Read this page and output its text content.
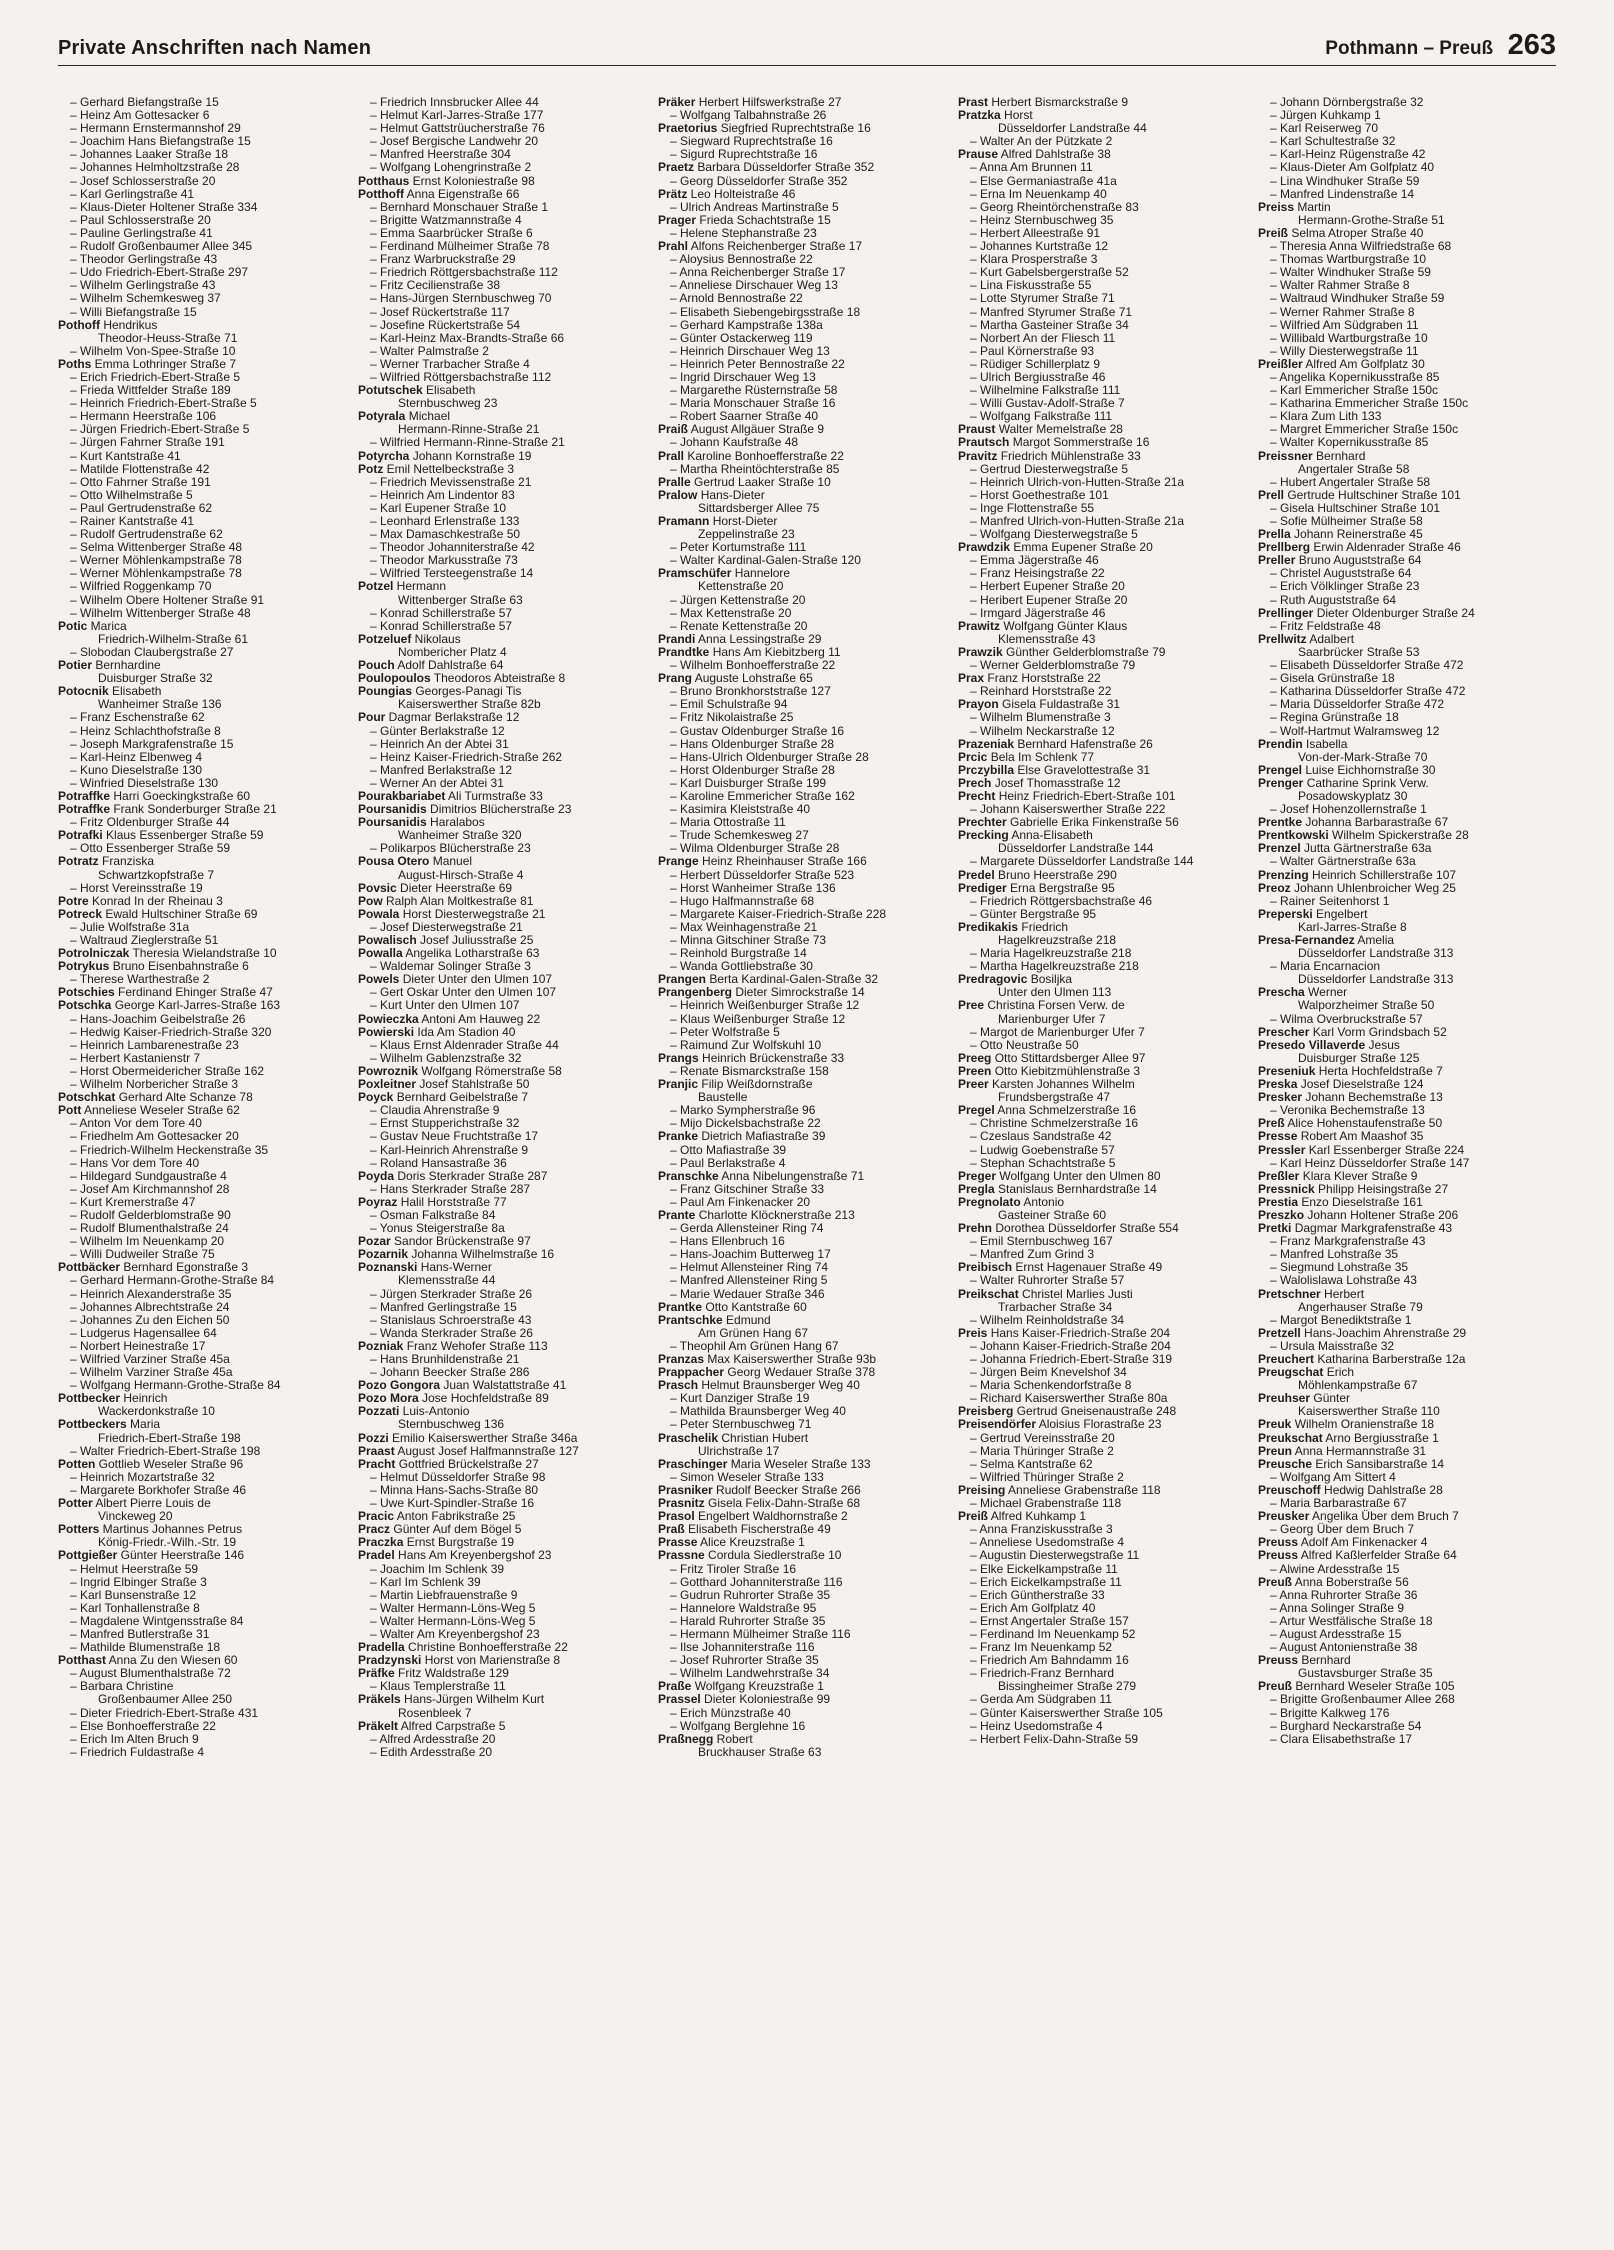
Private Anschriften nach Namen	Pothmann – Preuß 263
– Gerhard Biefangstraße 15
– Heinz Am Gottesacker 6
– Hermann Ernstermannshof 29
– Joachim Hans Biefangstraße 15
– Johannes Laaker Straße 18
– Johannes Helmholtzstraße 28
– Josef Schlosserstraße 20
– Karl Gerlingstraße 41
– Klaus-Dieter Holtener Straße 334
– Paul Schlosserstraße 20
– Pauline Gerlingstraße 41
– Rudolf Großenbaumer Allee 345
– Theodor Gerlingstraße 43
– Udo Friedrich-Ebert-Straße 297
– Wilhelm Gerlingstraße 43
– Wilhelm Schemkesweg 37
– Willi Biefangstraße 15
Pothoff Hendrikus
Theodor-Heuss-Straße 71
– Wilhelm Von-Spee-Straße 10
Poths Emma Lothringer Straße 7
– Erich Friedrich-Ebert-Straße 5
– Frieda Wittfelder Straße 189
– Heinrich Friedrich-Ebert-Straße 5
– Hermann Heerstraße 106
– Jürgen Friedrich-Ebert-Straße 5
– Jürgen Fahrner Straße 191
– Kurt Kantstraße 41
– Matilde Flottenstraße 42
– Otto Fahrner Straße 191
– Otto Wilhelmstraße 5
– Paul Gertrudenstraße 62
– Rainer Kantstraße 41
– Rudolf Gertrudenstraße 62
– Selma Wittenberger Straße 48
– Werner Möhlenkampstraße 78
– Werner Möhlenkampstraße 78
– Wilfried Roggenkamp 70
– Wilhelm Obere Holtener Straße 91
– Wilhelm Wittenberger Straße 48
Potic Marica
Friedrich-Wilhelm-Straße 61
– Slobodan Claubergstraße 27
Potier Bernhardine
Duisburger Straße 32
Potocnik Elisabeth
Wanheimer Straße 136
– Franz Eschenstraße 62
– Heinz Schlachthofstraße 8
– Joseph Markgrafenstraße 15
– Karl-Heinz Elbenweg 4
– Kuno Dieselstraße 130
– Winfried Dieselstraße 130
Potraffke Harri Goeckingkstraße 60
Potraffke Frank Sonderburger Straße 21
– Fritz Oldenburger Straße 44
Potrafki Klaus Essenberger Straße 59
– Otto Essenberger Straße 59
Potratz Franziska
Schwartzkopfstraße 7
– Horst Vereinsstraße 19
Potre Konrad In der Rheinau 3
Potreck Ewald Hultschiner Straße 69
– Julie Wolfstraße 31a
– Waltraud Zieglerstraße 51
Potrolniczak Theresia Wielandstraße 10
Potrykus Bruno Eisenbahnstraße 6
– Therese Warthestraße 2
Potschies Ferdinand Ehinger Straße 47
Potschka George Karl-Jarres-Straße 163
– Hans-Joachim Geibelstraße 26
– Hedwig Kaiser-Friedrich-Straße 320
– Heinrich Lambarenestraße 23
– Herbert Kastanienstr 7
– Horst Obermeidericher Straße 162
– Wilhelm Norbericher Straße 3
Potschkat Gerhard Alte Schanze 78
Pott Anneliese Weseler Straße 62
– Anton Vor dem Tore 40
– Friedhelm Am Gottesacker 20
– Friedrich-Wilhelm Heckenstraße 35
– Hans Vor dem Tore 40
– Hildegard Sundgaustraße 4
– Josef Am Kirchmannshof 28
– Kurt Kremerstraße 47
– Rudolf Gelderblomstraße 90
– Rudolf Blumenthalstraße 24
– Wilhelm Im Neuenkamp 20
– Willi Dudweiler Straße 75
Pottbäcker Bernhard Egonstraße 3
– Gerhard Hermann-Grothe-Straße 84
– Heinrich Alexanderstraße 35
– Johannes Albrechtstraße 24
– Johannes Zu den Eichen 50
– Ludgerus Hagensallee 64
– Norbert Heinestraße 17
– Wilfried Varziner Straße 45a
– Wilhelm Varziner Straße 45a
– Wolfgang Hermann-Grothe-Straße 84
Pottbecker Heinrich
Wackerdonkstraße 10
Pottbeckers Maria
Friedrich-Ebert-Straße 198
– Walter Friedrich-Ebert-Straße 198
Potten Gottlieb Weseler Straße 96
– Heinrich Mozartstraße 32
– Margarete Borkhofer Straße 46
Potter Albert Pierre Louis de
Vinckeweg 20
Potters Martinus Johannes Petrus
König-Friedr.-Wilh.-Str. 19
Pottgießer Günter Heerstraße 146
– Helmut Heerstraße 59
– Ingrid Elbinger Straße 3
– Karl Bunsenstraße 12
– Karl Tonhallenstraße 8
– Magdalene Wintgensstraße 84
– Manfred Butlerstraße 31
– Mathilde Blumenstraße 18
Potthast Anna Zu den Wiesen 60
– August Blumenthalstraße 72
– Barbara Christine
Großenbaumer Allee 250
– Dieter Friedrich-Ebert-Straße 431
– Else Bonhoefferstraße 22
– Erich Im Alten Bruch 9
– Friedrich Fuldastraße 4
– Friedrich Innsbrucker Allee 44
– Helmut Karl-Jarres-Straße 177
– Helmut Gattstrüucherstraße 76
– Josef Bergische Landwehr 20
– Manfred Heerstraße 304
– Wolfgang Lohengrinstraße 2
Potthaus Ernst Koloniestraße 98
Potthoff Anna Eigenstraße 66
– Bernhard Monschauer Straße 1
– Brigitte Watzmannstraße 4
– Emma Saarbrücker Straße 6
– Ferdinand Mülheimer Straße 78
– Franz Warbruckstraße 29
– Friedrich Röttgersbachstraße 112
– Fritz Cecilienstraße 38
– Hans-Jürgen Sternbuschweg 70
– Josef Rückertstraße 117
– Josefine Rückertstraße 54
– Karl-Heinz Max-Brandts-Straße 66
– Walter Palmstraße 2
– Werner Trarbacher Straße 4
– Wilfried Röttgersbachstraße 112
Potutschek Elisabeth
Sternbuschweg 23
Potyrala Michael
Hermann-Rinne-Straße 21
– Wilfried Hermann-Rinne-Straße 21
Potyrcha Johann Kornstraße 19
Potz Emil Nettelbeckstraße 3
– Friedrich Mevissenstraße 21
– Heinrich Am Lindentor 83
– Karl Eupener Straße 10
– Leonhard Erlenstraße 133
– Max Damaschkestraße 50
– Theodor Johanniterstraße 42
– Theodor Markusstraße 73
– Wilfried Tersteegenstraße 14
Potzel Hermann
Wittenberger Straße 63
– Konrad Schillerstraße 57
– Konrad Schillerstraße 57
Potzeluef Nikolaus
Nombericher Platz 4
Pouch Adolf Dahlstraße 64
Poulopoulos Theodoros Abteistraße 8
Poungias Georges-Panagi Tis
Kaiserswerther Straße 82b
Pour Dagmar Berlakstraße 12
– Günter Berlakstraße 12
– Heinrich An der Abtei 31
– Heinz Kaiser-Friedrich-Straße 262
– Manfred Berlakstraße 12
– Werner An der Abtei 31
Pourakbariabet Ali Turmstraße 33
Poursanidis Dimitrios Blücherstraße 23
Poursanidis Haralabos
Wanheimer Straße 320
– Polikarpos Blücherstraße 23
Pousa Otero Manuel
August-Hirsch-Straße 4
Povsic Dieter Heerstraße 69
Pow Ralph Alan Moltkestraße 81
Powala Horst Diesterwegstraße 21
– Josef Diesterwegstraße 21
Powalisch Josef Juliusstraße 25
Powalla Angelika Lotharstraße 63
– Waldemar Solinger Straße 3
Powels Dieter Unter den Ulmen 107
– Gert Oskar Unter den Ulmen 107
– Kurt Unter den Ulmen 107
Powieczka Antoni Am Hauweg 22
Powierski Ida Am Stadion 40
– Klaus Ernst Aldenrader Straße 44
– Wilhelm Gablenzstraße 32
Powroznik Wolfgang Römerstraße 58
Poxleitner Josef Stahlstraße 50
Poyck Bernhard Geibelstraße 7
– Claudia Ahrenstraße 9
– Ernst Stupperichstraße 32
– Gustav Neue Fruchtstraße 17
– Karl-Heinrich Ahrenstraße 9
– Roland Hansastraße 36
Poyda Doris Sterkrader Straße 287
– Hans Sterkrader Straße 287
Poyraz Halil Horststraße 77
– Osman Falkstraße 84
– Yonus Steigerstraße 8a
Pozar Sandor Brückenstraße 97
Pozarnik Johanna Wilhelmstraße 16
Poznanski Hans-Werner
Klemensstraße 44
– Jürgen Sterkrader Straße 26
– Manfred Gerlingstraße 15
– Stanislaus Schroerstraße 43
– Wanda Sterkrader Straße 26
Pozniak Franz Wehofer Straße 113
– Hans Brunhildenstraße 21
– Johann Beecker Straße 286
Pozo Gongora Juan Walstattstraße 41
Pozo Mora Jose Hochfeldstraße 89
Pozzati Luis-Antonio
Sternbuschweg 136
Pozzi Emilio Kaiserswerther Straße 346a
Praast August Josef Halfmannstraße 127
Pracht Gottfried Brückelstraße 27
– Helmut Düsseldorfer Straße 98
– Minna Hans-Sachs-Straße 80
– Uwe Kurt-Spindler-Straße 16
Pracic Anton Fabrikstraße 25
Pracz Günter Auf dem Bögel 5
Praczka Ernst Burgstraße 19
Pradel Hans Am Kreyenbergshof 23
– Joachim Im Schlenk 39
– Karl Im Schlenk 39
– Martin Liebfrauenstraße 9
– Walter Hermann-Löns-Weg 5
– Walter Hermann-Löns-Weg 5
– Walter Am Kreyenbergshof 23
Pradella Christine Bonhoefferstraße 22
Pradzynski Horst von Marienstraße 8
Präfke Fritz Waldstraße 129
– Klaus Templerstraße 11
Präkels Hans-Jürgen Wilhelm Kurt
Rosenbleek 7
Präkelt Alfred Carpstraße 5
– Alfred Ardesstraße 20
– Edith Ardesstraße 20
Präker Herbert Hilfswerkstraße 27
– Wolfgang Talbahnstraße 26
Praetorius Siegfried Ruprechtstraße 16
– Siegward Ruprechtstraße 16
– Sigurd Ruprechtstraße 16
Praetz Barbara Düsseldorfer Straße 352
– Georg Düsseldorfer Straße 352
Prätz Leo Holteistraße 46
– Ulrich Andreas Martinstraße 5
Prager Frieda Schachtstraße 15
– Helene Stephanstraße 23
Prahl Alfons Reichenberger Straße 17
– Aloysius Bennostraße 22
– Anna Reichenberger Straße 17
– Anneliese Dirschauer Weg 13
– Arnold Bennostraße 22
– Elisabeth Siebengebirgsstraße 18
– Gerhard Kampstraße 138a
– Günter Ostackerweg 119
– Heinrich Dirschauer Weg 13
– Heinrich Peter Bennostraße 22
– Ingrid Dirschauer Weg 13
– Margarethe Rüsternstraße 58
– Maria Monschauer Straße 16
– Robert Saarner Straße 40
Praiß August Allgäuer Straße 9
– Johann Kaufstraße 48
Prall Karoline Bonhoefferstraße 22
– Martha Rheintöchterstraße 85
Pralle Gertrud Laaker Straße 10
Pralow Hans-Dieter
Sittardsberger Allee 75
Pramann Horst-Dieter
Zeppelinstraße 23
– Peter Kortumstraße 111
– Walter Kardinal-Galen-Straße 120
Pramschüfer Hannelore
Kettenstraße 20
– Jürgen Kettenstraße 20
– Max Kettenstraße 20
– Renate Kettenstraße 20
Prandi Anna Lessingstraße 29
Prandtke Hans Am Kiebitzberg 11
– Wilhelm Bonhoefferstraße 22
Prang Auguste Lohstraße 65
– Bruno Bronkhorststraße 127
– Emil Schulstraße 94
– Fritz Nikolaistraße 25
– Gustav Oldenburger Straße 16
– Hans Oldenburger Straße 28
– Hans-Ulrich Oldenburger Straße 28
– Horst Oldenburger Straße 28
– Karl Duisburger Straße 199
– Karoline Emmericher Straße 162
– Kasimira Kleiststraße 40
– Maria Ottostraße 11
– Trude Schemkesweg 27
– Wilma Oldenburger Straße 28
Prange Heinz Rheinhauser Straße 166
– Herbert Düsseldorfer Straße 523
– Horst Wanheimer Straße 136
– Hugo Halfmannstraße 68
– Margarete Kaiser-Friedrich-Straße 228
– Max Weinhagenstraße 21
– Minna Gitschiner Straße 73
– Reinhold Burgstraße 14
– Wanda Gottliebstraße 30
Prangen Berta Kardinal-Galen-Straße 32
Prangenberg Dieter Simrockstraße 14
– Heinrich Weißenburger Straße 12
– Klaus Weißenburger Straße 12
– Peter Wolfstraße 5
– Raimund Zur Wolfskuhl 10
Prangs Heinrich Brückenstraße 33
– Renate Bismarckstraße 158
Pranjic Filip Weißdornstraße
Baustelle
– Marko Sympherstraße 96
– Mijo Dickelsbachstraße 22
Pranke Dietrich Mafiastraße 39
– Otto Mafiastraße 39
– Paul Berlakstraße 4
Pranschke Anna Nibelungenstraße 71
– Franz Gitschiner Straße 33
– Paul Am Finkenacker 20
Prante Charlotte Klöcknerstraße 213
– Gerda Allensteiner Ring 74
– Hans Ellenbruch 16
– Hans-Joachim Butterweg 17
– Helmut Allensteiner Ring 74
– Manfred Allensteiner Ring 5
– Marie Wedauer Straße 346
Prantke Otto Kantstraße 60
Prantschke Edmund
Am Grünen Hang 67
– Theophil Am Grünen Hang 67
Pranzas Max Kaiserswerther Straße 93b
Prappacher Georg Wedauer Straße 378
Prasch Helmut Braunsberger Weg 40
– Kurt Danziger Straße 19
– Mathilda Braunsberger Weg 40
– Peter Sternbuschweg 71
Praschelik Christian Hubert
Ulrichstraße 17
Praschinger Maria Weseler Straße 133
– Simon Weseler Straße 133
Prasniker Rudolf Beecker Straße 266
Prasnitz Gisela Felix-Dahn-Straße 68
Prasol Engelbert Waldhornstraße 2
Praß Elisabeth Fischerstraße 49
Prasse Alice Kreuzstraße 1
Prassne Cordula Siedlerstraße 10
– Fritz Tiroler Straße 16
– Gotthard Johanniterstraße 116
– Gudrun Ruhrorter Straße 35
– Hannelore Waldstraße 95
– Harald Ruhrorter Straße 35
– Hermann Mülheimer Straße 116
– Ilse Johanniterstraße 116
– Josef Ruhrorter Straße 35
– Wilhelm Landwehrstraße 34
Praße Wolfgang Kreuzstraße 1
Prassel Dieter Koloniestraße 99
– Erich Münzstraße 40
– Wolfgang Berglehne 16
Praßnegg Robert
Bruckhauser Straße 63
Prast Herbert Bismarckstraße 9
Pratzka Horst
Düsseldorfer Landstraße 44
– Walter An der Pützkate 2
Prause Alfred Dahlstraße 38
– Anna Am Brunnen 11
– Else Germaniastraße 41a
– Erna Im Neuenkamp 40
– Georg Rheintörchenstraße 83
– Heinz Sternbuschweg 35
– Herbert Alleestraße 91
– Johannes Kurtstraße 12
– Klara Prosperstraße 3
– Kurt Gabelsbergerstraße 52
– Lina Fiskusstraße 55
– Lotte Styrumer Straße 71
– Manfred Styrumer Straße 71
– Martha Gasteiner Straße 34
– Norbert An der Fliesch 11
– Paul Körnerstraße 93
– Rüdiger Schillerplatz 9
– Ulrich Bergiusstraße 46
– Wilhelmine Falkstraße 111
– Willi Gustav-Adolf-Straße 7
– Wolfgang Falkstraße 111
Praust Walter Memelstraße 28
Prautsch Margot Sommerstraße 16
Pravitz Friedrich Mühlenstraße 33
– Gertrud Diesterwegstraße 5
– Heinrich Ulrich-von-Hutten-Straße 21a
– Horst Goethestraße 101
– Inge Flottenstraße 55
– Manfred Ulrich-von-Hutten-Straße 21a
– Wolfgang Diesterwegstraße 5
Prawdzik Emma Eupener Straße 20
– Emma Jägerstraße 46
– Franz Heisingstraße 22
– Herbert Eupener Straße 20
– Heribert Eupener Straße 20
– Irmgard Jägerstraße 46
Prawitz Wolfgang Günter Klaus
Klemensstraße 43
Prawzik Günther Gelderblomstraße 79
– Werner Gelderblomstraße 79
Prax Franz Horststraße 22
– Reinhard Horststraße 22
Prayon Gisela Fuldastraße 31
– Wilhelm Blumenstraße 3
– Wilhelm Neckarstraße 12
Prazeniak Bernhard Hafenstraße 26
Prcic Bela Im Schlenk 77
Prczybilla Else Gravelottestraße 31
Prech Josef Thomasstraße 12
Precht Heinz Friedrich-Ebert-Straße 101
– Johann Kaiserswerther Straße 222
Prechter Gabrielle Erika Finkenstraße 56
Precking Anna-Elisabeth
Düsseldorfer Landstraße 144
– Margarete Düsseldorfer Landstraße 144
Predel Bruno Heerstraße 290
Prediger Erna Bergstraße 95
– Friedrich Röttgersbachstraße 46
– Günter Bergstraße 95
Predikakis Friedrich
Hagelkreuzstraße 218
– Maria Hagelkreuzstraße 218
– Martha Hagelkreuzstraße 218
Predragovic Bosiljka
Unter den Ulmen 113
Pree Christina Forsen Verw. de
Marienburger Ufer 7
– Margot de Marienburger Ufer 7
– Otto Neustraße 50
Preeg Otto Stittardsberger Allee 97
Preen Otto Kiebitzmühlenstraße 3
Preer Karsten Johannes Wilhelm
Frundsbergstraße 47
Pregel Anna Schmelzerstraße 16
– Christine Schmelzerstraße 16
– Czeslaus Sandstraße 42
– Ludwig Goebenstraße 57
– Stephan Schachtstraße 5
Preger Wolfgang Unter den Ulmen 80
Pregla Stanislaus Bernhardstraße 14
Pregnolato Antonio
Gasteiner Straße 60
Prehn Dorothea Düsseldorfer Straße 554
– Emil Sternbuschweg 167
– Manfred Zum Grind 3
Preibisch Ernst Hagenauer Straße 49
– Walter Ruhrorter Straße 57
Preikschat Christel Marlies Justi
Trarbacher Straße 34
– Wilhelm Reinholdstraße 34
Preis Hans Kaiser-Friedrich-Straße 204
– Johann Kaiser-Friedrich-Straße 204
– Johanna Friedrich-Ebert-Straße 319
– Jürgen Beim Knevelshof 34
– Maria Schenkendorfstraße 8
– Richard Kaiserswerther Straße 80a
Preisberg Gertrud Gneisenaustraße 248
Preisendörfer Aloisius Florastraße 23
– Gertrud Vereinsstraße 20
– Maria Thüringer Straße 2
– Selma Kantstraße 62
– Wilfried Thüringer Straße 2
Preising Anneliese Grabenstraße 118
– Michael Grabenstraße 118
Preiß Alfred Kuhkamp 1
– Anna Franziskusstraße 3
– Anneliese Usedomstraße 4
– Augustin Diesterwegstraße 11
– Elke Eickelkampstraße 11
– Erich Eickelkampstraße 11
– Erich Güntherstraße 33
– Erich Am Golfplatz 40
– Ernst Angertaler Straße 157
– Ferdinand Im Neuenkamp 52
– Franz Im Neuenkamp 52
– Friedrich Am Bahndamm 16
– Friedrich-Franz Bernhard
Bissingheimer Straße 279
– Gerda Am Südgraben 11
– Günter Kaiserswerther Straße 105
– Heinz Usedomstraße 4
– Herbert Felix-Dahn-Straße 59
– Johann Dörnbergstraße 32
– Jürgen Kuhkamp 1
– Karl Reiserweg 70
– Karl Schultestraße 32
– Karl-Heinz Rügenstraße 42
– Klaus-Dieter Am Golfplatz 40
– Lina Windhuker Straße 59
– Manfred Lindenstraße 14
Preiss Martin
Hermann-Grothe-Straße 51
Preiß Selma Atroper Straße 40
– Theresia Anna Wilfriedstraße 68
– Thomas Wartburgstraße 10
– Walter Windhuker Straße 59
– Walter Rahmer Straße 8
– Waltraud Windhuker Straße 59
– Werner Rahmer Straße 8
– Wilfried Am Südgraben 11
– Willibald Wartburgstraße 10
– Willy Diesterwegstraße 11
Preißler Alfred Am Golfplatz 30
– Angelika Kopernikusstraße 85
– Karl Emmericher Straße 150c
– Katharina Emmericher Straße 150c
– Klara Zum Lith 133
– Margret Emmericher Straße 150c
– Walter Kopernikusstraße 85
Preissner Bernhard
Angertaler Straße 58
– Hubert Angertaler Straße 58
Prell Gertrude Hultschiner Straße 101
– Gisela Hultschiner Straße 101
– Sofie Mülheimer Straße 58
Prella Johann Reinerstraße 45
Prellberg Erwin Aldenrader Straße 46
Preller Bruno Auguststraße 64
– Christel Auguststraße 64
– Erich Völklinger Straße 23
– Ruth Auguststraße 64
Prellinger Dieter Oldenburger Straße 24
– Fritz Feldstraße 48
Prellwitz Adalbert
Saarbrücker Straße 53
– Elisabeth Düsseldorfer Straße 472
– Gisela Grünstraße 18
– Katharina Düsseldorfer Straße 472
– Maria Düsseldorfer Straße 472
– Regina Grünstraße 18
– Wolf-Hartmut Walramsweg 12
Prendin Isabella
Von-der-Mark-Straße 70
Prengel Luise Eichhornstraße 30
Prenger Catharine Sprink Verw.
Posadowskyplatz 30
– Josef Hohenzollernstraße 1
Prentke Johanna Barbarastraße 67
Prentkowski Wilhelm Spickerstraße 28
Prenzel Jutta Gärtnerstraße 63a
– Walter Gärtnerstraße 63a
Prenzing Heinrich Schillerstraße 107
Preoz Johann Uhlenbroicher Weg 25
– Rainer Seitenhorst 1
Preperski Engelbert
Karl-Jarres-Straße 8
Presa-Fernandez Amelia
Düsseldorfer Landstraße 313
– Maria Encarnacion
Düsseldorfer Landstraße 313
Prescha Werner
Walporzheimer Straße 50
– Wilma Overbruckstraße 57
Prescher Karl Vorm Grindsbach 52
Presedo Villaverde Jesus
Duisburger Straße 125
Preseniuk Herta Hochfeldstraße 7
Preska Josef Dieselstraße 124
Presker Johann Bechemstraße 13
– Veronika Bechemstraße 13
Preß Alice Hohenstaufenstraße 50
Presse Robert Am Maashof 35
Pressler Karl Essenberger Straße 224
– Karl Heinz Düsseldorfer Straße 147
Preßler Klara Klever Straße 9
Pressnick Philipp Heisingstraße 27
Prestia Enzo Dieselstraße 161
Preszko Johann Holtener Straße 206
Pretki Dagmar Markgrafenstraße 43
– Franz Markgrafenstraße 43
– Manfred Lohstraße 35
– Siegmund Lohstraße 35
– Walolislawa Lohstraße 43
Pretschner Herbert
Angerhauser Straße 79
– Margot Benediktstraße 1
Pretzell Hans-Joachim Ahrenstraße 29
– Ursula Maisstraße 32
Preuchert Katharina Barberstraße 12a
Preugschat Erich
Möhlenkampstraße 67
Preuhser Günter
Kaiserswerther Straße 110
Preuk Wilhelm Oranienstraße 18
Preukschat Arno Bergiusstraße 1
Preun Anna Hermannstraße 31
Preusche Erich Sansibarstraße 14
– Wolfgang Am Sittert 4
Preuschoff Hedwig Dahlstraße 28
– Maria Barbarastraße 67
Preusker Angelika Über dem Bruch 7
– Georg Über dem Bruch 7
Preuss Adolf Am Finkenacker 4
Preuss Alfred Kaßlerfelder Straße 64
– Alwine Ardesstraße 15
Preuß Anna Boberstraße 56
– Anna Ruhrorter Straße 36
– Anna Solinger Straße 9
– Artur Westfälische Straße 18
– August Ardesstraße 15
– August Antonienstraße 38
Preuss Bernhard
Gustavsburger Straße 35
Preuß Bernhard Weseler Straße 105
– Brigitte Großenbaumer Allee 268
– Brigitte Kalkweg 176
– Burghard Neckarstraße 54
– Clara Elisabethstraße 17
